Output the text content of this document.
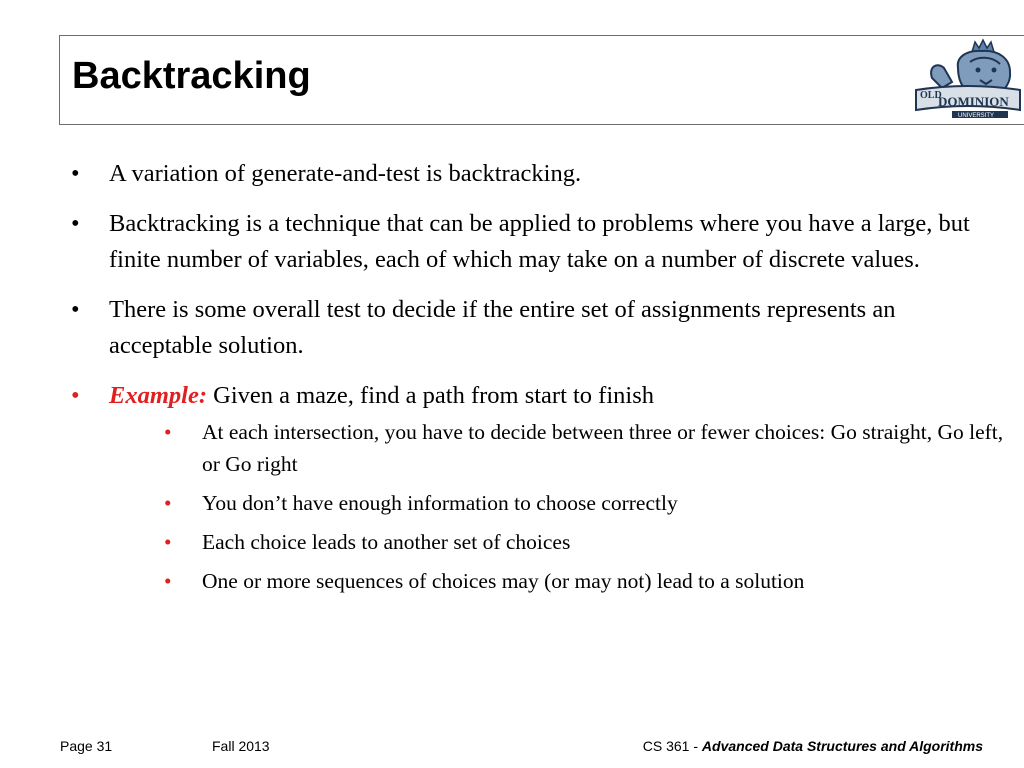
Backtracking	OLD
DOMINION
UNIVERSITY
• A variation of generate-and-test is backtracking.
• Backtracking is a technique that can be applied to problems where you have a large, but finite number of variables, each of which may take on a number of discrete values.
• There is some overall test to decide if the entire set of assignments represents an acceptable solution.
• Example: Given a maze, find a path from start to finish
• At each intersection, you have to decide between three or fewer choices: Go straight, Go left, or Go right
• You don’t have enough information to choose correctly
• Each choice leads to another set of choices
• One or more sequences of choices may (or may not) lead to a solution
Page 31	Fall 2013	CS 361 - Advanced Data Structures and Algorithms
